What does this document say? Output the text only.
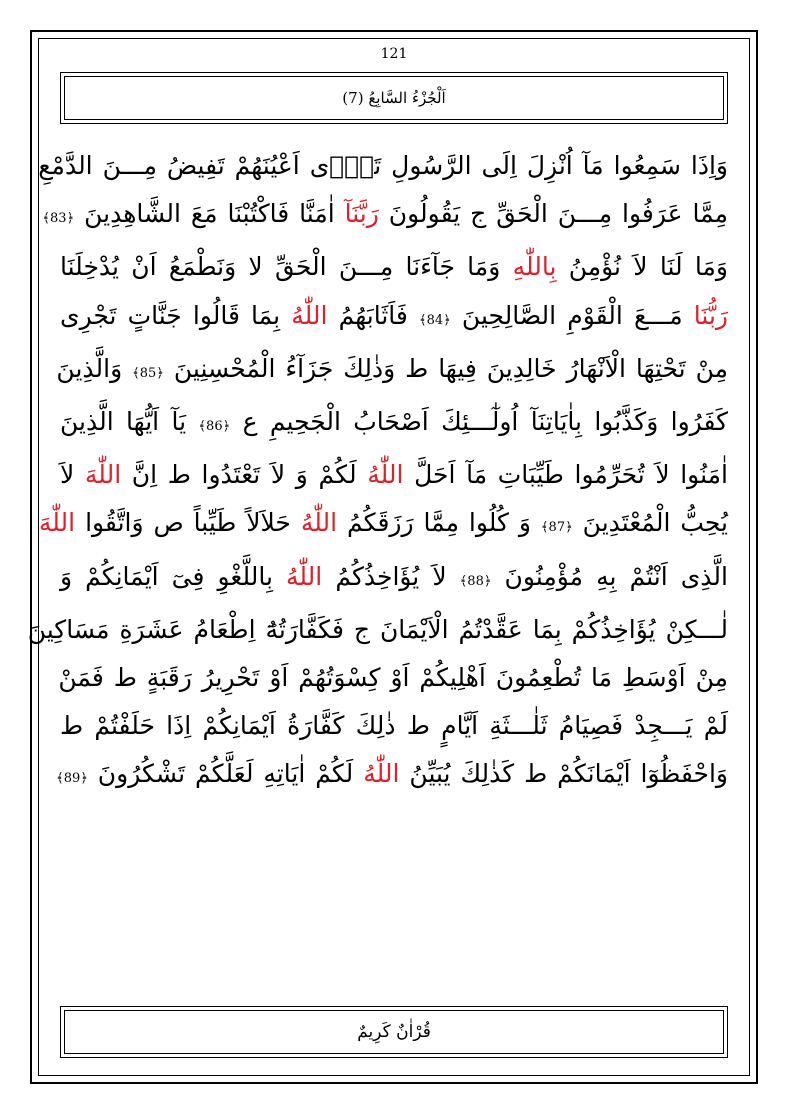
121
اَلْجُزْءُ السَّابِعُ (7)
وَاِذَا سَمِعُوا مَآ اُنْزِلَ اِلَى الرَّسُولِ تَرٰۤى اَعْيُنَهُمْ تَفِيضُ مِـــنَ الدَّمْعِ
مِمَّا عَرَفُوا مِـــنَ الْحَقِّ ج يَقُولُونَ رَبَّنَآ اٰمَنَّا فَاكْتُبْنَا مَعَ الشَّاهِدِينَ ﴿83﴾
وَمَا لَنَا لاَ نُؤْمِنُ بِاللّٰهِ وَمَا جَآءَنَا مِـــنَ الْحَقِّ لا وَنَطْمَعُ اَنْ يُدْخِلَنَا
رَبُّنَا مَـــعَ الْقَوْمِ الصَّالِحِينَ ﴿84﴾ فَاَثَابَهُمُ اللّٰهُ بِمَا قَالُوا جَنَّاتٍ تَجْرِى
مِنْ تَحْتِهَا الْاَنْهَارُ خَالِدِينَ فِيهَا ط وَذٰلِكَ جَزَآءُ الْمُحْسِنِينَ ﴿85﴾ وَالَّذِينَ
كَفَرُوا وَكَذَّبُوا بِاٰيَاتِنَآ اُولٰٓـــئِكَ اَصْحَابُ الْجَحِيمِ ع ﴿86﴾ يَآ اَيُّهَا الَّذِينَ
اٰمَنُوا لاَ تُحَرِّمُوا طَيِّبَاتِ مَآ اَحَلَّ اللّٰهُ لَكُمْ وَ لاَ تَعْتَدُوا ط اِنَّ اللّٰهَ لاَ
يُحِبُّ الْمُعْتَدِينَ ﴿87﴾ وَ كُلُوا مِمَّا رَزَقَكُمُ اللّٰهُ حَلاَلاً طَيِّباً ص وَاتَّقُوا اللّٰهَ
الَّذِى اَنْتُمْ بِهِ مُؤْمِنُونَ ﴿88﴾ لاَ يُؤَاخِذُكُمُ اللّٰهُ بِاللَّغْوِ فِىٓ اَيْمَانِكُمْ وَ
لٰـــكِنْ يُؤَاخِذُكُمْ بِمَا عَقَّدْتُمُ الْاَيْمَانَ ج فَكَفَّارَتُهُٓ اِطْعَامُ عَشَرَةِ مَسَاكِينَ
مِنْ اَوْسَطِ مَا تُطْعِمُونَ اَهْلِيكُمْ اَوْ كِسْوَتُهُمْ اَوْ تَحْرِيرُ رَقَبَةٍ ط فَمَنْ
لَمْ يَـــجِدْ فَصِيَامُ ثَلٰـــثَةِ اَيَّامٍ ط ذٰلِكَ كَفَّارَةُ اَيْمَانِكُمْ اِذَا حَلَفْتُمْ ط
وَاحْفَظُوٓا اَيْمَانَكُمْ ط كَذٰلِكَ يُبَيِّنُ اللّٰهُ لَكُمْ اٰيَاتِهِ لَعَلَّكُمْ تَشْكُرُونَ ﴿89﴾
قُرْاٰنٌ كَرِيمٌ
